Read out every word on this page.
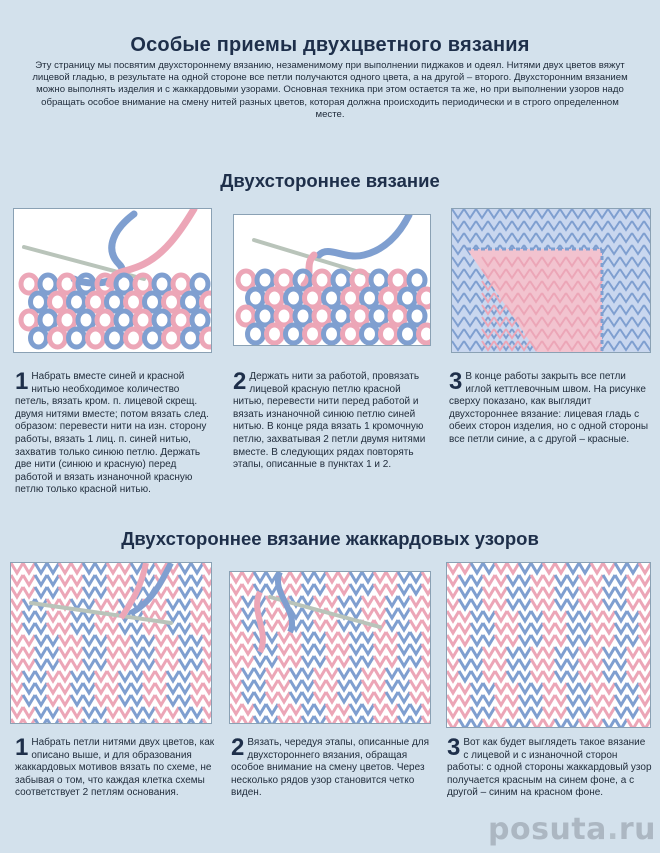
Особые приемы двухцветного вязания
Эту страницу мы посвятим двухстороннему вязанию, незаменимому при выполнении пиджаков и одеял. Нитями двух цветов вяжут лицевой гладью, в результате на одной стороне все петли получаются одного цвета, а на другой – второго. Двухсторонним вязанием можно выполнять изделия и с жаккардовыми узорами. Основная техника при этом остается та же, но при выполнении узоров надо обращать особое внимание на смену нитей разных цветов, которая должна происходить периодически и в строго определенном месте.
Двухстороннее вязание
1 Набрать вместе синей и красной нитью необходимое количество петель, вязать кром. п. лицевой скрещ. двумя нитями вместе; потом вязать след. образом: перевести нити на изн. сторону работы, вязать 1 лиц. п. синей нитью, захватив только синюю петлю. Держать две нити (синюю и красную) перед работой и вязать изнаночной красную петлю только красной нитью.
2 Держать нити за работой, провязать лицевой красную петлю красной нитью, перевести нити перед работой и вязать изнаночной синюю петлю синей нитью. В конце ряда вязать 1 кромочную петлю, захватывая 2 петли двумя нитями вместе. В следующих рядах повторять этапы, описанные в пунктах 1 и 2.
3 В конце работы закрыть все петли иглой кеттлевочным швом. На рисунке сверху показано, как выглядит двухстороннее вязание: лицевая гладь с обеих сторон изделия, но с одной стороны все петли синие, а с другой – красные.
Двухстороннее вязание жаккардовых узоров
1 Набрать петли нитями двух цветов, как описано выше, и для образования жаккардовых мотивов вязать по схеме, не забывая о том, что каждая клетка схемы соответствует 2 петлям основания.
2 Вязать, чередуя этапы, описанные для двухстороннего вязания, обращая особое внимание на смену цветов. Через несколько рядов узор становится четко виден.
3 Вот как будет выглядеть такое вязание с лицевой и с изнаночной сторон работы: с одной стороны жаккардовый узор получается красным на синем фоне, а с другой – синим на красном фоне.
posuta.ru
